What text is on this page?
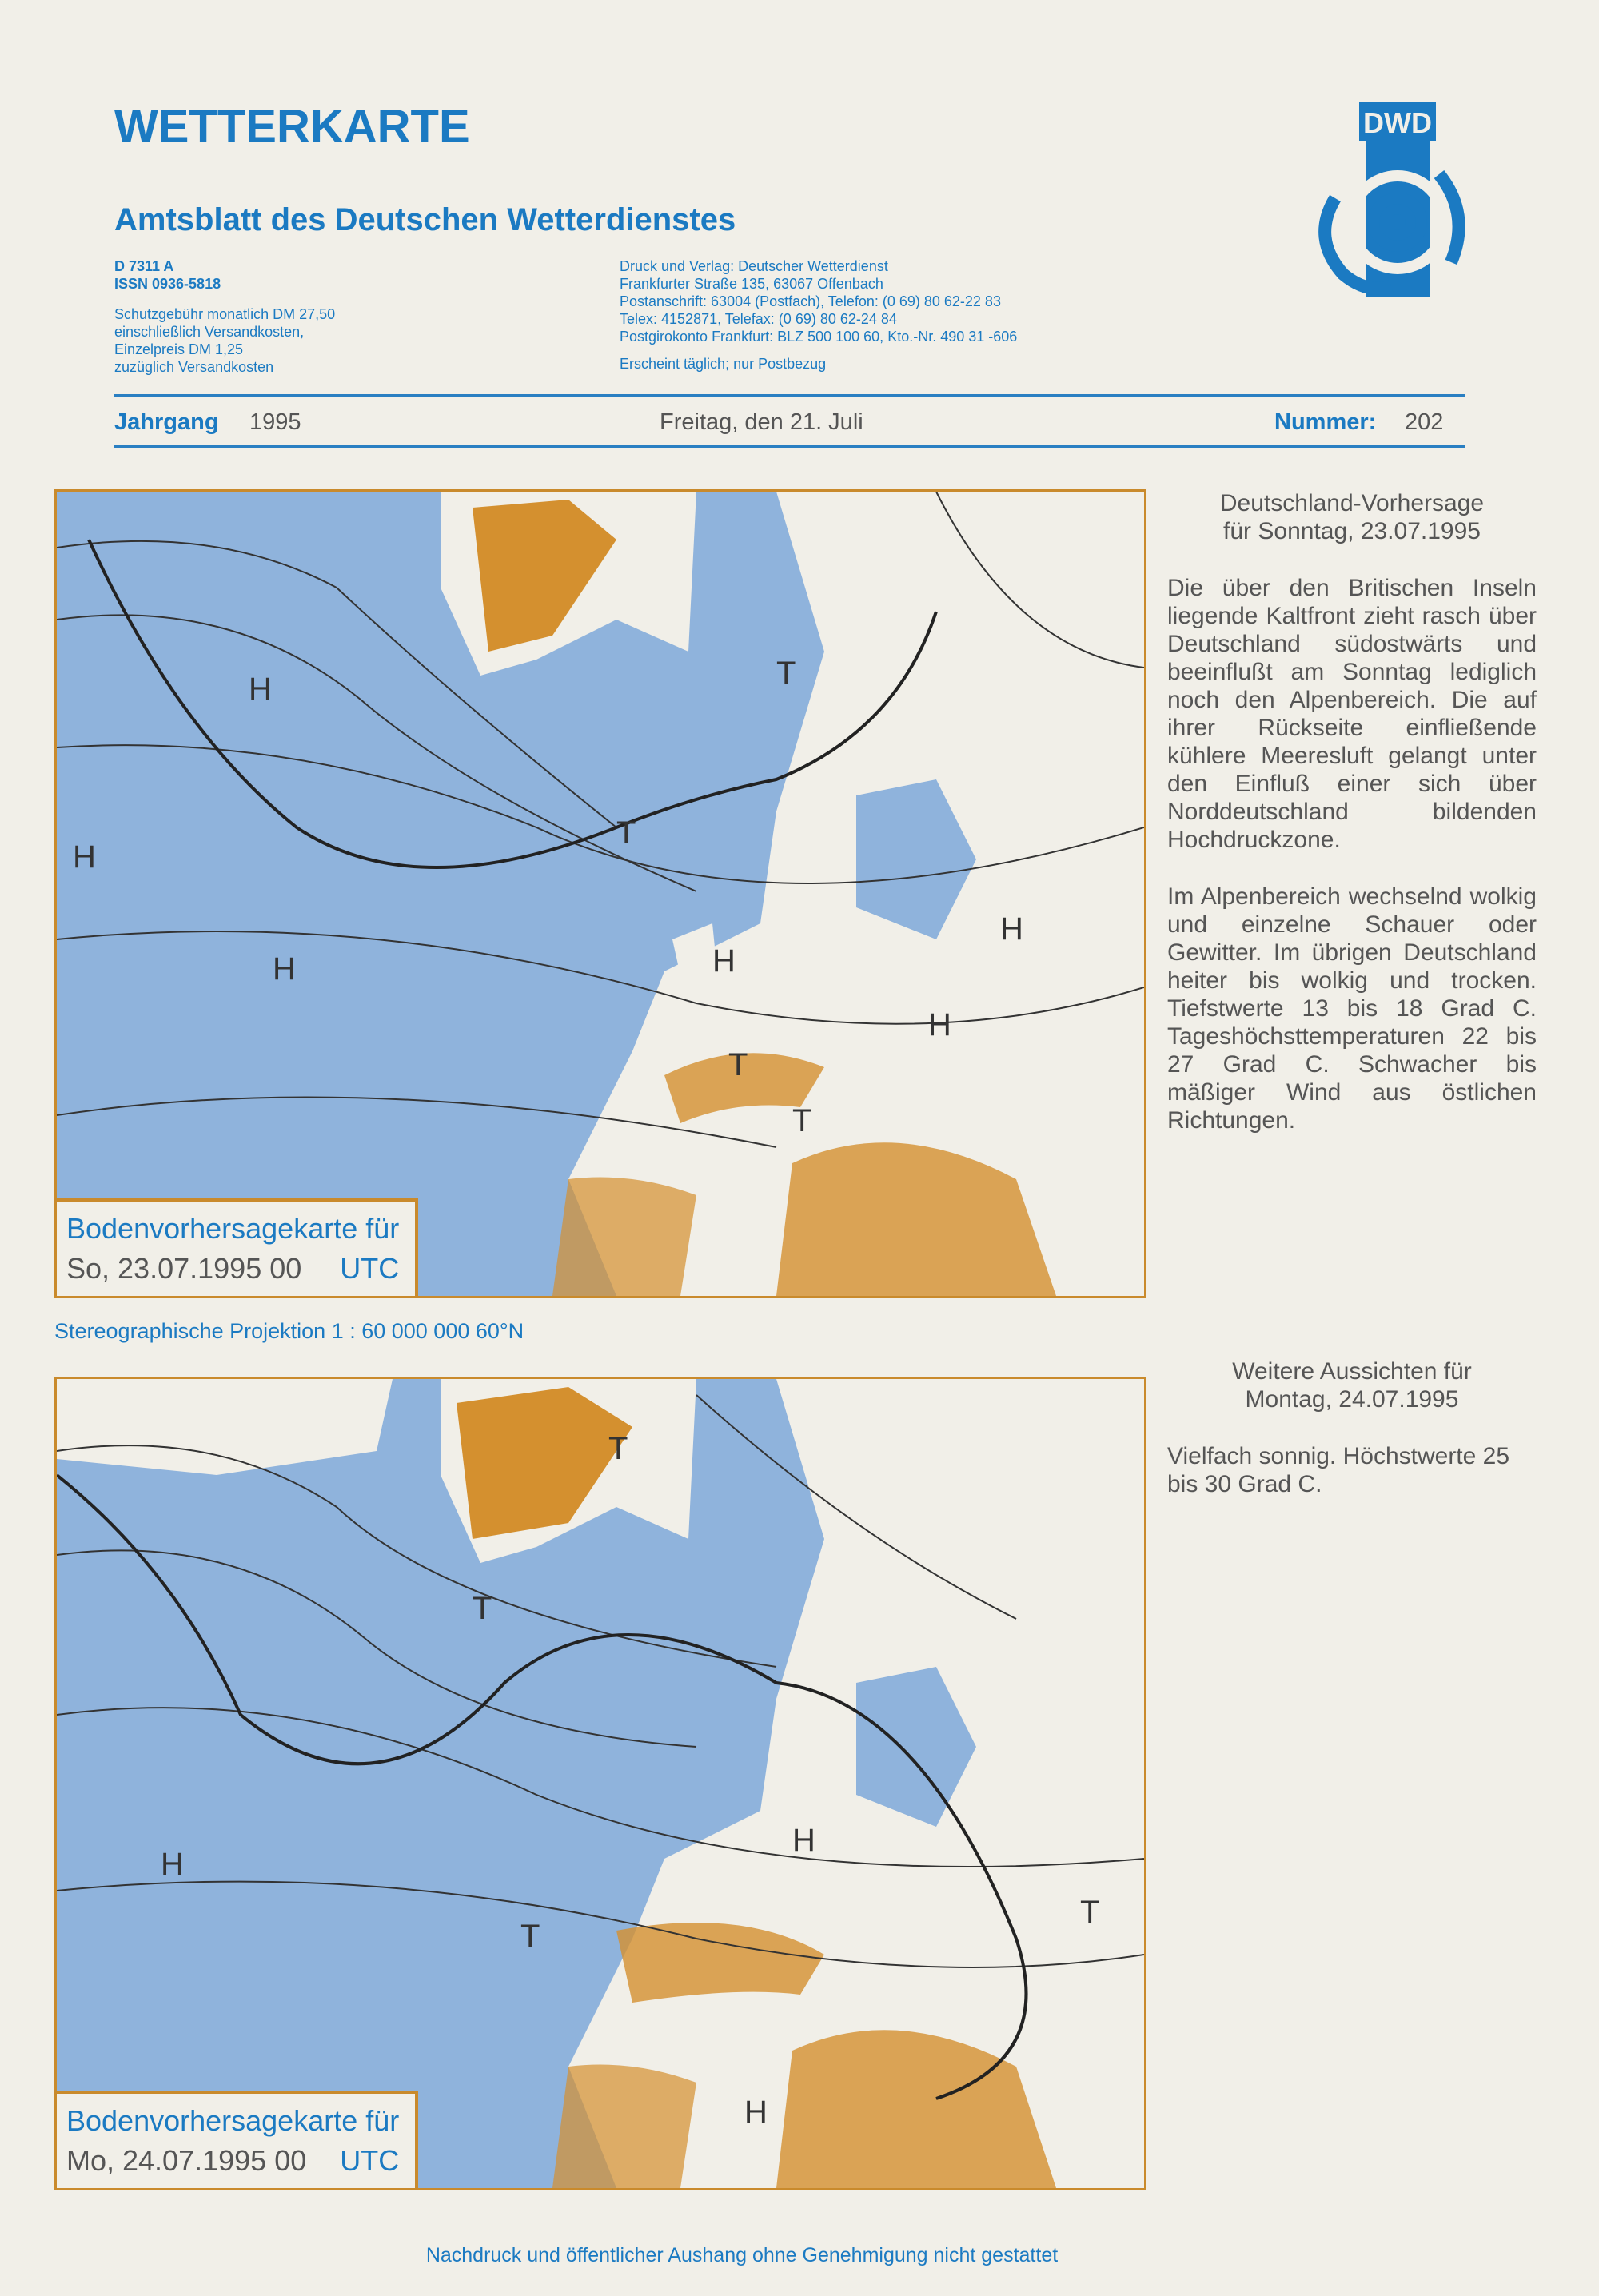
WETTERKARTE
Amtsblatt des Deutschen Wetterdienstes
D 7311 A
ISSN 0936-5818
Schutzgebühr monatlich DM 27,50
einschließlich Versandkosten,
Einzelpreis DM 1,25
zuzüglich Versandkosten
Druck und Verlag: Deutscher Wetterdienst
Frankfurter Straße 135, 63067 Offenbach
Postanschrift: 63004 (Postfach), Telefon: (0 69) 80 62-22 83
Telex: 4152871, Telefax: (0 69) 80 62-24 84
Postgirokonto Frankfurt: BLZ 500 100 60, Kto.-Nr. 490 31 -606
Erscheint täglich; nur Postbezug
DWD
Jahrgang 1995	Freitag, den 21. Juli	Nummer: 202
H
H
H	H
H
H
T
T
T
T
Bodenvorhersagekarte für
So, 23.07.1995 00 UTC
Stereographische Projektion 1 : 60 000 000 60°N
H
H
H
T
T
T
T
Bodenvorhersagekarte für
Mo, 24.07.1995 00 UTC
Deutschland-Vorhersage
für Sonntag, 23.07.1995

Die über den Britischen Inseln liegende Kaltfront zieht rasch über Deutschland südostwärts und beeinflußt am Sonntag lediglich noch den Alpenbereich. Die auf ihrer Rückseite einfließende kühlere Meeresluft gelangt unter den Einfluß einer sich über Norddeutschland bildenden Hochdruckzone.

Im Alpenbereich wechselnd wolkig und einzelne Schauer oder Gewitter. Im übrigen Deutschland heiter bis wolkig und trocken. Tiefstwerte 13 bis 18 Grad C. Tageshöchsttemperaturen 22 bis 27 Grad C. Schwacher bis mäßiger Wind aus östlichen Richtungen.

Weitere Aussichten für
Montag, 24.07.1995

Vielfach sonnig. Höchstwerte 25 bis 30 Grad C.

Nachdruck und öffentlicher Aushang ohne Genehmigung nicht gestattet
